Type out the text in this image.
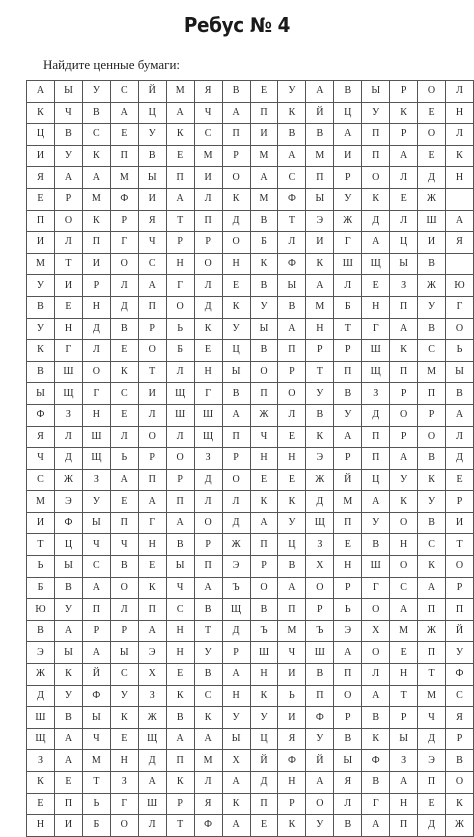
Ребус № 4
Найдите ценные бумаги:
А	Ы	У	С	Й	М	Я	В	Е	У	А	В	Ы	Р	О	Л
К	Ч	В	А	Ц	А	Ч	А	П	К	Й	Ц	У	К	Е	Н
Ц	В	С	Е	У	К	С	П	И	В	В	А	П	Р	О	Л
И	У	К	П	В	Е	М	Р	М	А	М	И	П	А	Е	К
Я	А	А	М	Ы	П	И	О	А	С	П	Р	О	Л	Д	Н
Е	Р	М	Ф	И	А	Л	К	М	Ф	Ы	У	К	Е	Ж	
П	О	К	Р	Я	Т	П	Д	В	Т	Э	Ж	Д	Л	Ш	А
И	Л	П	Г	Ч	Р	Р	О	Б	Л	И	Г	А	Ц	И	Я
М	Т	И	О	С	Н	О	Н	К	Ф	К	Ш	Щ	Ы	В	
У	И	Р	Л	А	Г	Л	Е	В	Ы	А	Л	Е	З	Ж	Ю
В	Е	Н	Д	П	О	Д	К	У	В	М	Б	Н	П	У	Г
У	Н	Д	В	Р	Ь	К	У	Ы	А	Н	Т	Г	А	В	О
К	Г	Л	Е	О	Б	Е	Ц	В	П	Р	Р	Ш	К	С	Ь
В	Ш	О	К	Т	Л	Н	Ы	О	Р	Т	П	Щ	П	М	Ы
Ы	Щ	Г	С	И	Щ	Г	В	П	О	У	В	З	Р	П	В
Ф	З	Н	Е	Л	Ш	Ш	А	Ж	Л	В	У	Д	О	Р	А
Я	Л	Ш	Л	О	Л	Щ	П	Ч	Е	К	А	П	Р	О	Л
Ч	Д	Щ	Ь	Р	О	З	Р	Н	Н	Э	Р	П	А	В	Д
С	Ж	З	А	П	Р	Д	О	Е	Е	Ж	Й	Ц	У	К	Е
М	Э	У	Е	А	П	Л	Л	К	К	Д	М	А	К	У	Р
И	Ф	Ы	П	Г	А	О	Д	А	У	Щ	П	У	О	В	И
Т	Ц	Ч	Ч	Н	В	Р	Ж	П	Ц	З	Е	В	Н	С	Т
Ь	Ы	С	В	Е	Ы	П	Э	Р	В	Х	Н	Ш	О	К	О
Б	В	А	О	К	Ч	А	Ъ	О	А	О	Р	Г	С	А	Р
Ю	У	П	Л	П	С	В	Щ	В	П	Р	Ь	О	А	П	П
В	А	Р	Р	А	Н	Т	Д	Ъ	М	Ъ	Э	Х	М	Ж	Й
Э	Ы	А	Ы	Э	Н	У	Р	Ш	Ч	Ш	А	О	Е	П	У
Ж	К	Й	С	Х	Е	В	А	Н	И	В	П	Л	Н	Т	Ф
Д	У	Ф	У	З	К	С	Н	К	Ь	П	О	А	Т	М	С
Ш	В	Ы	К	Ж	В	К	У	У	И	Ф	Р	В	Р	Ч	Я
Щ	А	Ч	Е	Щ	А	А	Ы	Ц	Я	У	В	К	Ы	Д	Р
З	А	М	Н	Д	П	М	Х	Й	Ф	Й	Ы	Ф	З	Э	В
К	Е	Т	З	А	К	Л	А	Д	Н	А	Я	В	А	П	О
Е	П	Ь	Г	Ш	Р	Я	К	П	Р	О	Л	Г	Н	Е	К
Н	И	Б	О	Л	Т	Ф	А	Е	К	У	В	А	П	Д	Ж
